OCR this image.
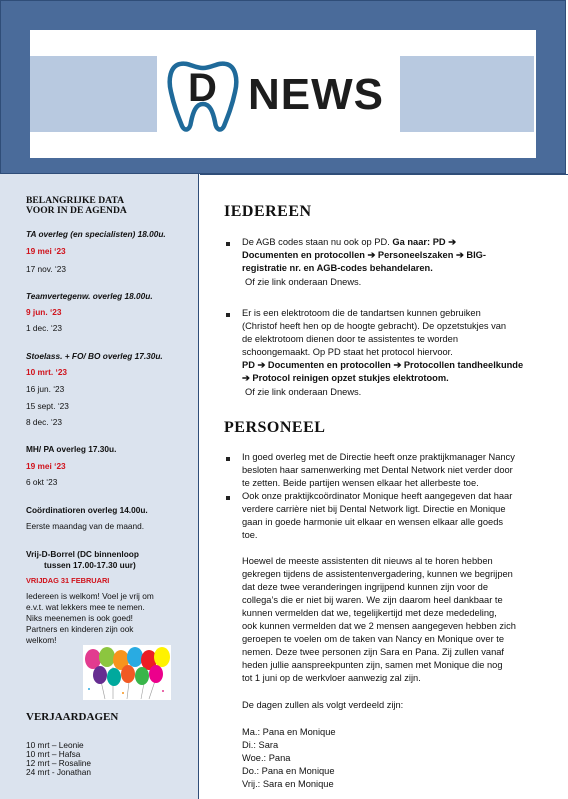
D NEWS
BELANGRIJKE DATA
VOOR IN DE AGENDA
TA overleg (en specialisten) 18.00u.
19 mei ‘23
17 nov. ‘23
Teamvertegenw. overleg 18.00u.
9 jun. ‘23
1 dec. ‘23
Stoelass. + FO/ BO overleg 17.30u.
10 mrt. ‘23
16 jun. ‘23
15 sept. ‘23
8 dec. ‘23
MH/ PA overleg 17.30u.
19 mei ‘23
6 okt ‘23
Coördinatioren overleg 14.00u.
Eerste maandag van de maand.
Vrij-D-Borrel (DC binnenloop
tussen 17.00-17.30 uur)
VRIJDAG 31 FEBRUARI
Iedereen is welkom! Voel je vrij om
e.v.t. wat lekkers mee te nemen.
Niks meenemen is ook goed!
Partners en kinderen zijn ook
welkom!
VERJAARDAGEN
10 mrt – Leonie
10 mrt – Hafsa
12 mrt – Rosaline
24 mrt - Jonathan
IEDEREEN
De AGB codes staan nu ook op PD. Ga naar: PD ➔
Documenten en protocollen ➔ Personeelszaken ➔ BIG-
registratie nr. en AGB-codes behandelaren.
Of zie link onderaan Dnews.
Er is een elektrotoom die de tandartsen kunnen gebruiken
(Christof heeft hen op de hoogte gebracht). De opzetstukjes van
de elektrotoom dienen door te assistentes te worden
schoongemaakt. Op PD staat het protocol hiervoor.
PD ➔ Documenten en protocollen ➔ Protocollen tandheelkunde
➔ Protocol reinigen opzet stukjes elektrotoom.
Of zie link onderaan Dnews.
PERSONEEL
In goed overleg met de Directie heeft onze praktijkmanager Nancy
besloten haar samenwerking met Dental Network niet verder door
te zetten. Beide partijen wensen elkaar het allerbeste toe.
Ook onze praktijkcoördinator Monique heeft aangegeven dat haar
verdere carrière niet bij Dental Network ligt. Directie en Monique
gaan in goede harmonie uit elkaar en wensen elkaar alle goeds
toe.
Hoewel de meeste assistenten dit nieuws al te horen hebben
gekregen tijdens de assistentenvergadering, kunnen we begrijpen
dat deze twee veranderingen ingrijpend kunnen zijn voor de
collega’s die er niet bij waren. We zijn daarom heel dankbaar te
kunnen vermelden dat we, tegelijkertijd met deze mededeling,
ook kunnen vermelden dat we 2 mensen aangegeven hebben zich
geroepen te voelen om de taken van Nancy en Monique over te
nemen. Deze twee personen zijn Sara en Pana. Zij zullen vanaf
heden jullie aanspreekpunten zijn, samen met Monique die nog
tot 1 juni op de werkvloer aanwezig zal zijn.
De dagen zullen als volgt verdeeld zijn:
Ma.: Pana en Monique
Di.: Sara
Woe.: Pana
Do.: Pana en Monique
Vrij.: Sara en Monique
